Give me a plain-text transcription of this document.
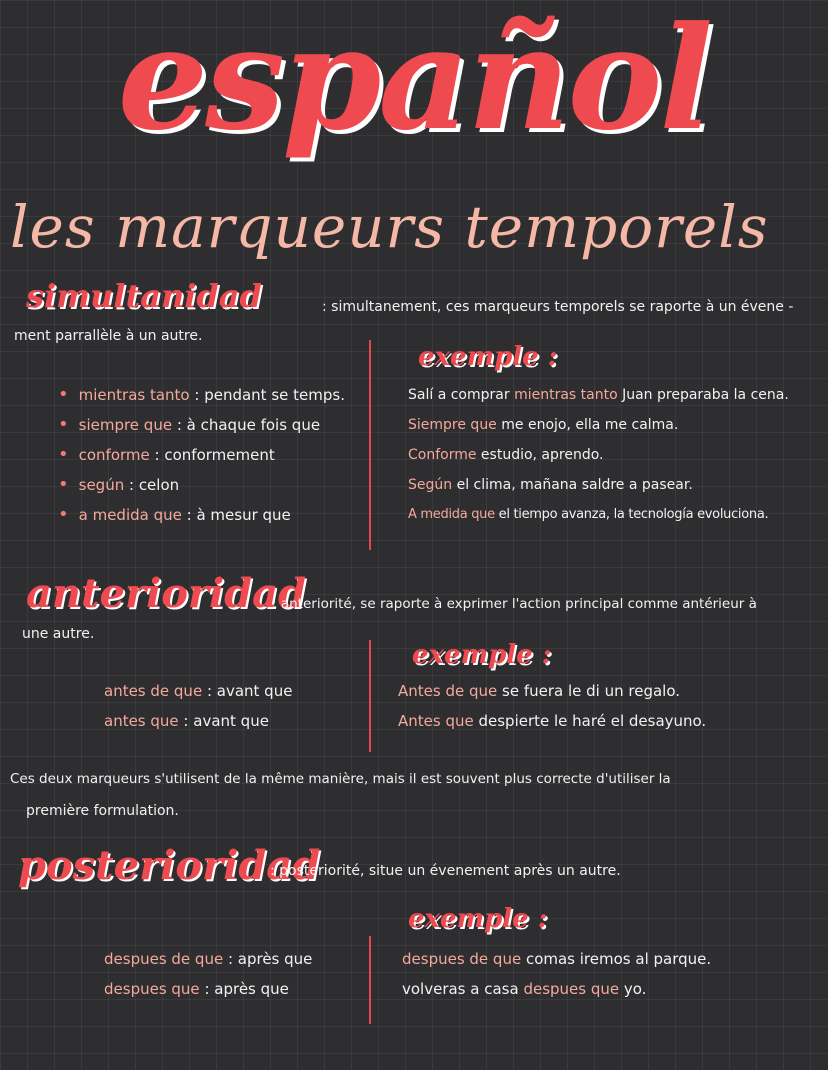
español
les marqueurs temporels
simultanidad	: simultanement, ces marqueurs temporels se raporte à un évene -
ment parrallèle à un autre.
• mientras tanto : pendant se temps.
• siempre que : à chaque fois que
• conforme : conformement
• según : celon
• a medida que : à mesur que
exemple :
Salí a comprar mientras tanto Juan preparaba la cena.
Siempre que me enojo, ella me calma.
Conforme estudio, aprendo.
Según el clima, mañana saldre a pasear.
A medida que el tiempo avanza, la tecnología evoluciona.
anterioridad
: anteriorité, se raporte à exprimer l'action principal comme antérieur à
une autre.
antes de que : avant que
antes que : avant que
exemple :
Antes de que se fuera le di un regalo.
Antes que despierte le haré el desayuno.
Ces deux marqueurs s'utilisent de la même manière, mais il est souvent plus correcte d'utiliser la
première formulation.
posterioridad
: posteriorité, situe un évenement après un autre.
exemple :
despues de que : après que
despues que : après que
despues de que comas iremos al parque.
volveras a casa despues que yo.
